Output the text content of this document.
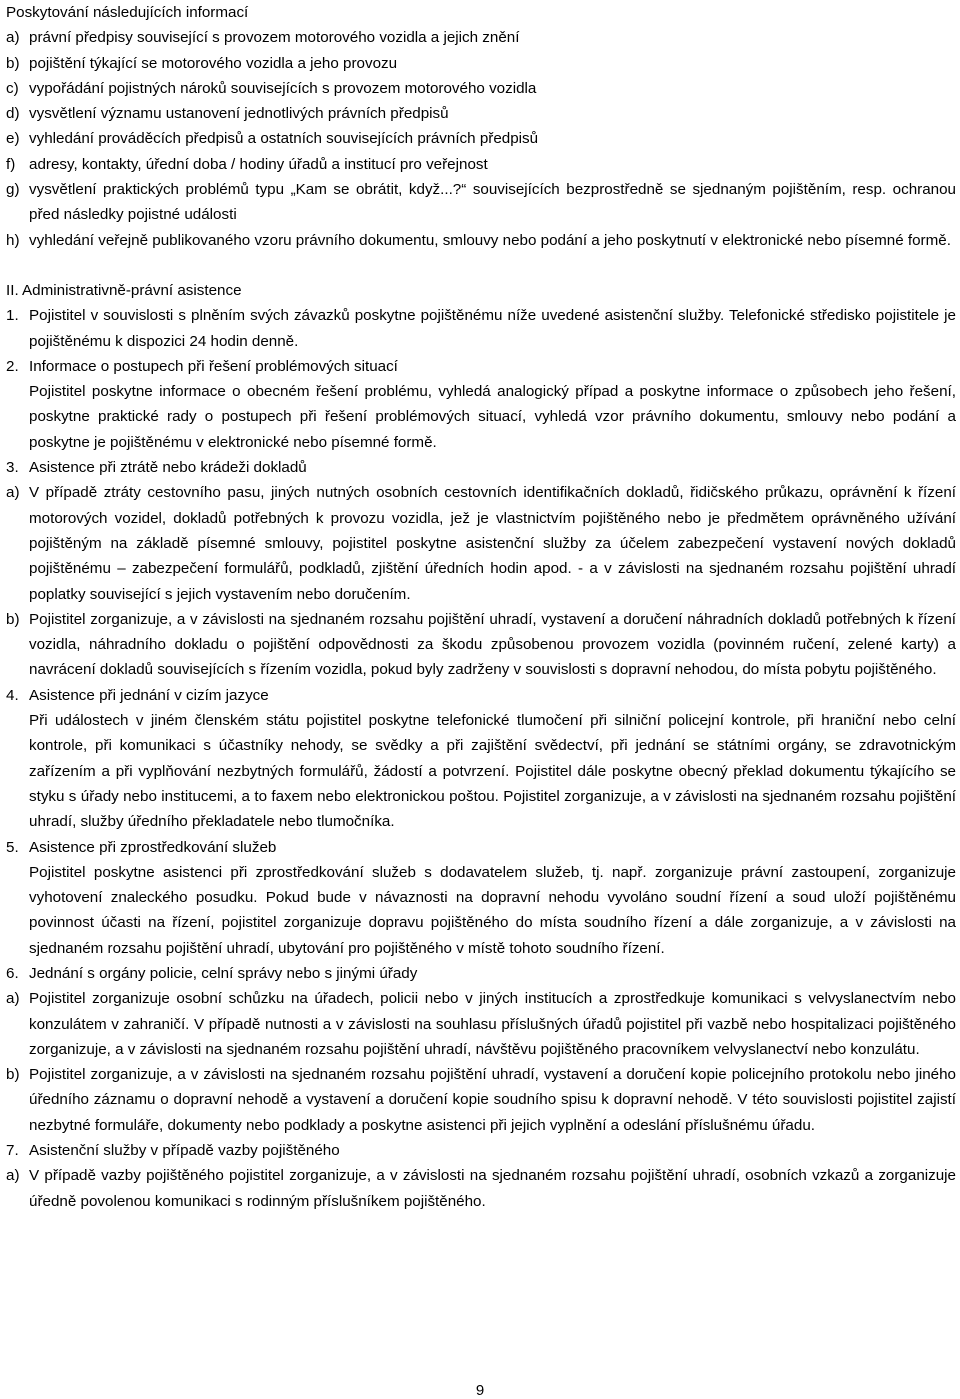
Poskytování následujících informací

a) právní předpisy související s provozem motorového vozidla a jejich znění
b) pojištění týkající se motorového vozidla a jeho provozu
c) vypořádání pojistných nároků souvisejících s provozem motorového vozidla
d) vysvětlení významu ustanovení jednotlivých právních předpisů
e) vyhledání prováděcích předpisů a ostatních souvisejících právních předpisů
f) adresy, kontakty, úřední doba / hodiny úřadů a institucí pro veřejnost
g) vysvětlení praktických problémů typu „Kam se obrátit, když...?“ souvisejících bezprostředně se sjednaným pojištěním, resp. ochranou před následky pojistné události
h) vyhledání veřejně publikovaného vzoru právního dokumentu, smlouvy nebo podání a jeho poskytnutí v elektronické nebo písemné formě.

II. Administrativně-právní asistence

1. Pojistitel v souvislosti s plněním svých závazků poskytne pojištěnému níže uvedené asistenční služby. Telefonické středisko pojistitele je pojištěnému k dispozici 24 hodin denně.
2. Informace o postupech při řešení problémových situací
Pojistitel poskytne informace o obecném řešení problému, vyhledá analogický případ a poskytne informace o způsobech jeho řešení, poskytne praktické rady o postupech při řešení problémových situací, vyhledá vzor právního dokumentu, smlouvy nebo podání a poskytne je pojištěnému v elektronické nebo písemné formě.
3. Asistence při ztrátě nebo krádeži dokladů
a) V případě ztráty cestovního pasu, jiných nutných osobních cestovních identifikačních dokladů, řidičského průkazu, oprávnění k řízení motorových vozidel, dokladů potřebných k provozu vozidla, jež je vlastnictvím pojištěného nebo je předmětem oprávněného užívání pojištěným na základě písemné smlouvy, pojistitel poskytne asistenční služby za účelem zabezpečení vystavení nových dokladů pojištěnému – zabezpečení formulářů, podkladů, zjištění úředních hodin apod. - a v závislosti na sjednaném rozsahu pojištění uhradí poplatky související s jejich vystavením nebo doručením.
b) Pojistitel zorganizuje, a v závislosti na sjednaném rozsahu pojištění uhradí, vystavení a doručení náhradních dokladů potřebných k řízení vozidla, náhradního dokladu o pojištění odpovědnosti za škodu způsobenou provozem vozidla (povinném ručení, zelené karty) a navrácení dokladů souvisejících s řízením vozidla, pokud byly zadrženy v souvislosti s dopravní nehodou, do místa pobytu pojištěného.
4. Asistence při jednání v cizím jazyce
Při událostech v jiném členském státu pojistitel poskytne telefonické tlumočení při silniční policejní kontrole, při hraniční nebo celní kontrole, při komunikaci s účastníky nehody, se svědky a při zajištění svědectví, při jednání se státními orgány, se zdravotnickým zařízením a při vyplňování nezbytných formulářů, žádostí a potvrzení. Pojistitel dále poskytne obecný překlad dokumentu týkajícího se styku s úřady nebo institucemi, a to faxem nebo elektronickou poštou. Pojistitel zorganizuje, a v závislosti na sjednaném rozsahu pojištění uhradí, služby úředního překladatele nebo tlumočníka.
5. Asistence při zprostředkování služeb
Pojistitel poskytne asistenci při zprostředkování služeb s dodavatelem služeb, tj. např. zorganizuje právní zastoupení, zorganizuje vyhotovení znaleckého posudku. Pokud bude v návaznosti na dopravní nehodu vyvoláno soudní řízení a soud uloží pojištěnému povinnost účasti na řízení, pojistitel zorganizuje dopravu pojištěného do místa soudního řízení a dále zorganizuje, a v závislosti na sjednaném rozsahu pojištění uhradí, ubytování pro pojištěného v místě tohoto soudního řízení.
6. Jednání s orgány policie, celní správy nebo s jinými úřady
a) Pojistitel zorganizuje osobní schůzku na úřadech, policii nebo v jiných institucích a zprostředkuje komunikaci s velvyslanectvím nebo konzulátem v zahraničí. V případě nutnosti a v závislosti na souhlasu příslušných úřadů pojistitel při vazbě nebo hospitalizaci pojištěného zorganizuje, a v závislosti na sjednaném rozsahu pojištění uhradí, návštěvu pojištěného pracovníkem velvyslanectví nebo konzulátu.
b) Pojistitel zorganizuje, a v závislosti na sjednaném rozsahu pojištění uhradí, vystavení a doručení kopie policejního protokolu nebo jiného úředního záznamu o dopravní nehodě a vystavení a doručení kopie soudního spisu k dopravní nehodě. V této souvislosti pojistitel zajistí nezbytné formuláře, dokumenty nebo podklady a poskytne asistenci při jejich vyplnění a odeslání příslušnému úřadu.
7. Asistenční služby v případě vazby pojištěného
a) V případě vazby pojištěného pojistitel zorganizuje, a v závislosti na sjednaném rozsahu pojištění uhradí, osobních vzkazů a zorganizuje úředně povolenou komunikaci s rodinným příslušníkem pojištěného.
9
